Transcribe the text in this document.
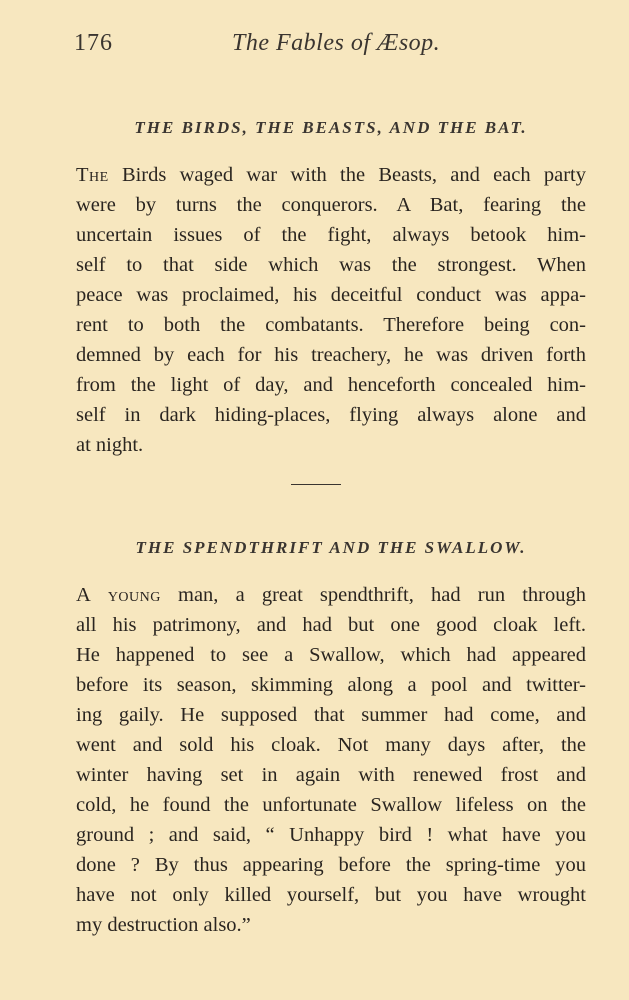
176	The Fables of Æsop.
THE BIRDS, THE BEASTS, AND THE BAT.
The Birds waged war with the Beasts, and each party
were by turns the conquerors. A Bat, fearing the
uncertain issues of the fight, always betook him-
self to that side which was the strongest. When
peace was proclaimed, his deceitful conduct was appa-
rent to both the combatants. Therefore being con-
demned by each for his treachery, he was driven forth
from the light of day, and henceforth concealed him-
self in dark hiding-places, flying always alone and
at night.
THE SPENDTHRIFT AND THE SWALLOW.
A young man, a great spendthrift, had run through
all his patrimony, and had but one good cloak left.
He happened to see a Swallow, which had appeared
before its season, skimming along a pool and twitter-
ing gaily. He supposed that summer had come, and
went and sold his cloak. Not many days after, the
winter having set in again with renewed frost and
cold, he found the unfortunate Swallow lifeless on the
ground ; and said, “ Unhappy bird ! what have you
done ? By thus appearing before the spring-time you
have not only killed yourself, but you have wrought
my destruction also.”
